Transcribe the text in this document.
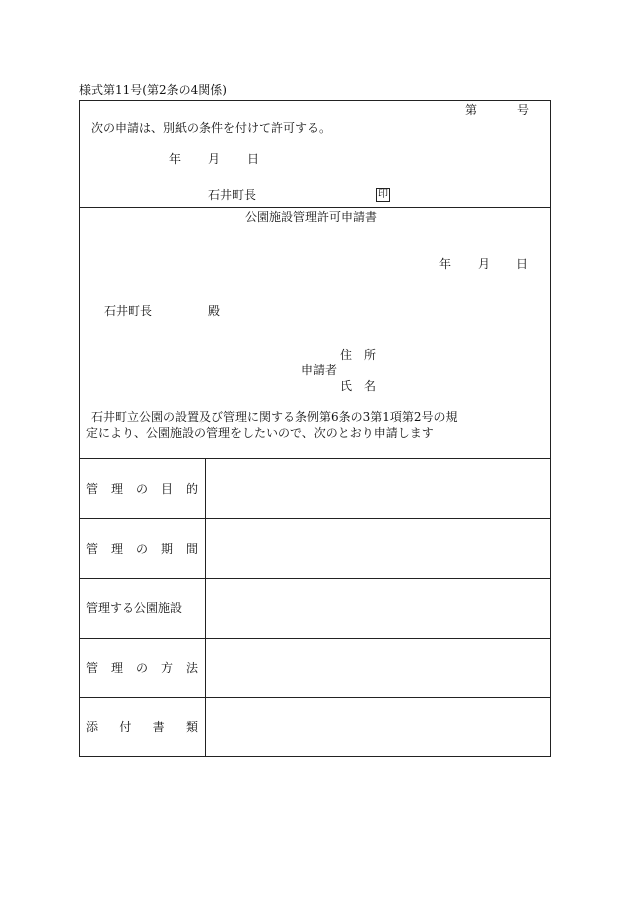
様式第11号(第2条の4関係)
第	号
次の申請は、別紙の条件を付けて許可する。
年 月 日
石井町長	印
公園施設管理許可申請書
年 月 日
石井町長	殿
住　所
申請者
氏　名
石井町立公園の設置及び管理に関する条例第6条の3第1項第2号の規
定により、公園施設の管理をしたいので、次のとおり申請します
管 理 の 目 的
管 理 の 期 間
管理する公園施設
管 理 の 方 法
添 付 書 類
